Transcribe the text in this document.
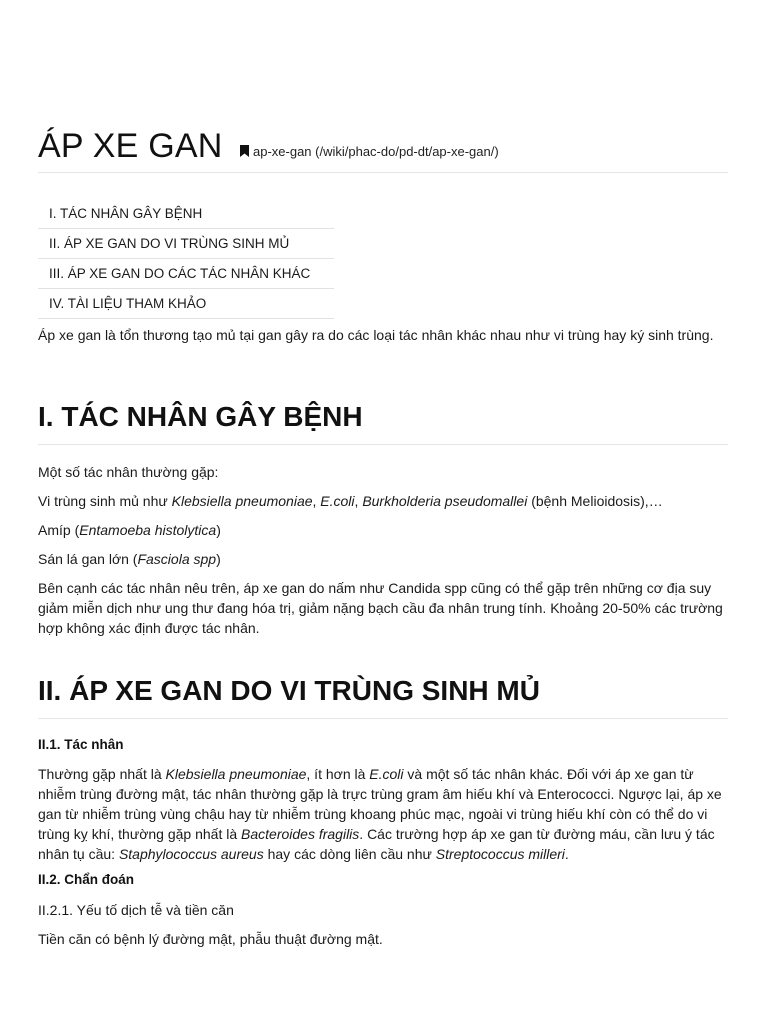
ÁP XE GAN	ap-xe-gan (/wiki/phac-do/pd-dt/ap-xe-gan/)
I. TÁC NHÂN GÂY BỆNH
II. ÁP XE GAN DO VI TRÙNG SINH MỦ
III. ÁP XE GAN DO CÁC TÁC NHÂN KHÁC
IV. TÀI LIỆU THAM KHẢO

Áp xe gan là tổn thương tạo mủ tại gan gây ra do các loại tác nhân khác nhau như vi trùng hay ký sinh trùng.

I. TÁC NHÂN GÂY BỆNH

Một số tác nhân thường gặp:

Vi trùng sinh mủ như Klebsiella pneumoniae, E.coli, Burkholderia pseudomallei (bệnh Melioidosis),…

Amíp (Entamoeba histolytica)

Sán lá gan lớn (Fasciola spp)

Bên cạnh các tác nhân nêu trên, áp xe gan do nấm như Candida spp cũng có thể gặp trên những cơ địa suy giảm miễn dịch như ung thư đang hóa trị, giảm nặng bạch cầu đa nhân trung tính. Khoảng 20-50% các trường hợp không xác định được tác nhân.

II. ÁP XE GAN DO VI TRÙNG SINH MỦ
II.1. Tác nhân

Thường gặp nhất là Klebsiella pneumoniae, ít hơn là E.coli và một số tác nhân khác. Đối với áp xe gan từ nhiễm trùng đường mật, tác nhân thường gặp là trực trùng gram âm hiếu khí và Enterococci. Ngược lại, áp xe gan từ nhiễm trùng vùng chậu hay từ nhiễm trùng khoang phúc mạc, ngoài vi trùng hiếu khí còn có thể do vi trùng kỵ khí, thường gặp nhất là Bacteroides fragilis. Các trường hợp áp xe gan từ đường máu, cần lưu ý tác nhân tụ cầu: Staphylococcus aureus hay các dòng liên cầu như Streptococcus milleri.

II.2. Chẩn đoán

II.2.1. Yếu tố dịch tễ và tiền căn

Tiền căn có bệnh lý đường mật, phẫu thuật đường mật.
